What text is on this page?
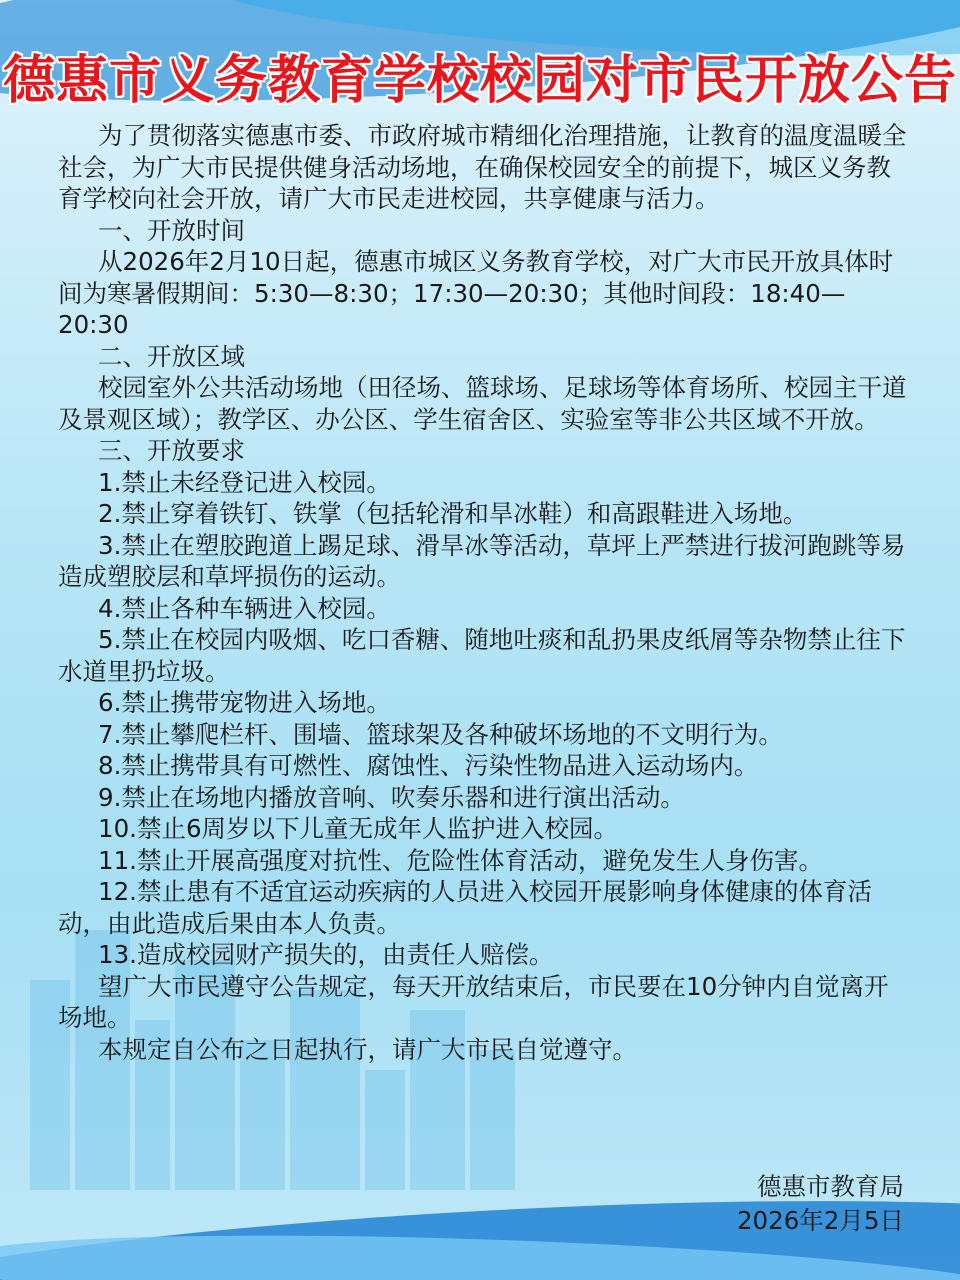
德惠市义务教育学校校园对市民开放公告

为了贯彻落实德惠市委、市政府城市精细化治理措施，让教育的温度温暖全社会，为广大市民提供健身活动场地，在确保校园安全的前提下，城区义务教育学校向社会开放，请广大市民走进校园，共享健康与活力。

一、开放时间

从2026年2月10日起，德惠市城区义务教育学校，对广大市民开放具体时间为寒暑假期间：5:30—8:30；17:30—20:30；其他时间段：18:40—20:30

二、开放区域

校园室外公共活动场地（田径场、篮球场、足球场等体育场所、校园主干道及景观区域）；教学区、办公区、学生宿舍区、实验室等非公共区域不开放。

三、开放要求

1.禁止未经登记进入校园。

2.禁止穿着铁钉、铁掌（包括轮滑和旱冰鞋）和高跟鞋进入场地。

3.禁止在塑胶跑道上踢足球、滑旱冰等活动，草坪上严禁进行拔河跑跳等易造成塑胶层和草坪损伤的运动。

4.禁止各种车辆进入校园。

5.禁止在校园内吸烟、吃口香糖、随地吐痰和乱扔果皮纸屑等杂物禁止往下水道里扔垃圾。

6.禁止携带宠物进入场地。

7.禁止攀爬栏杆、围墙、篮球架及各种破坏场地的不文明行为。

8.禁止携带具有可燃性、腐蚀性、污染性物品进入运动场内。

9.禁止在场地内播放音响、吹奏乐器和进行演出活动。

10.禁止6周岁以下儿童无成年人监护进入校园。

11.禁止开展高强度对抗性、危险性体育活动，避免发生人身伤害。

12.禁止患有不适宜运动疾病的人员进入校园开展影响身体健康的体育活动，由此造成后果由本人负责。

13.造成校园财产损失的，由责任人赔偿。

望广大市民遵守公告规定，每天开放结束后，市民要在10分钟内自觉离开场地。

本规定自公布之日起执行，请广大市民自觉遵守。

德惠市教育局
2026年2月5日
